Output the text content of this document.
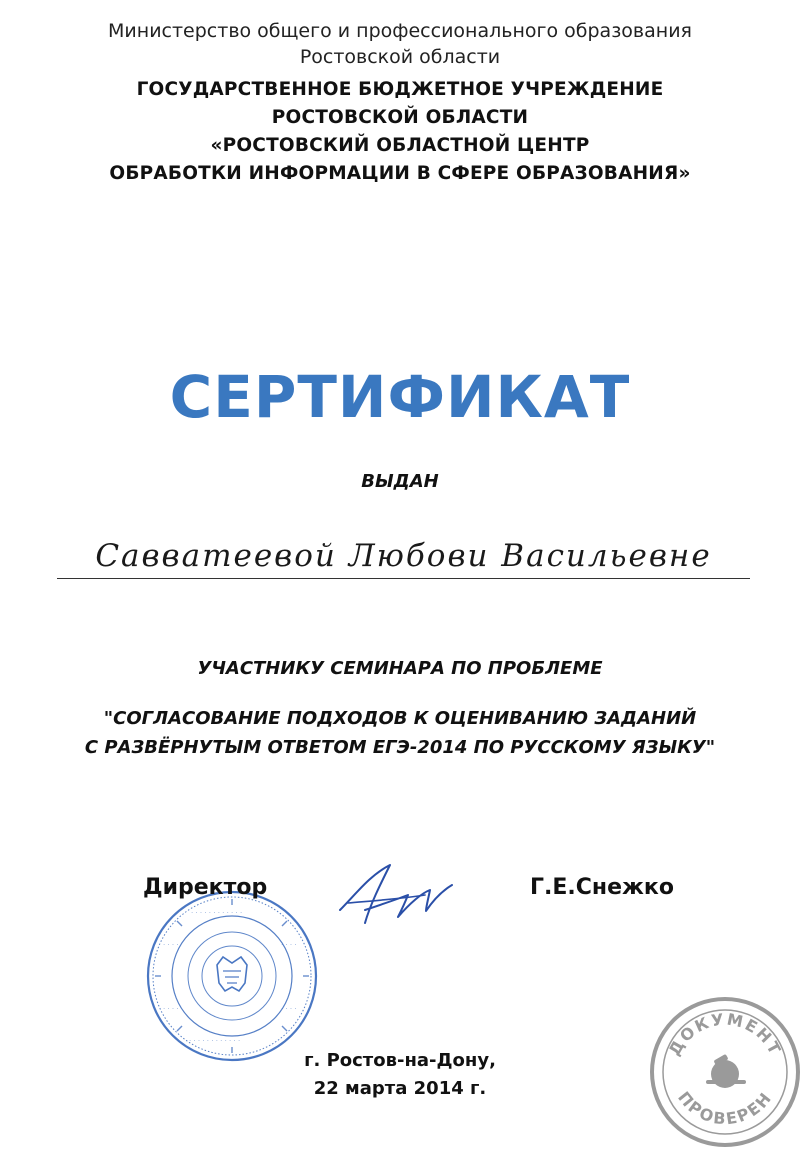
Министерство общего и профессионального образования
Ростовской области
ГОСУДАРСТВЕННОЕ БЮДЖЕТНОЕ УЧРЕЖДЕНИЕ
РОСТОВСКОЙ ОБЛАСТИ
«РОСТОВСКИЙ ОБЛАСТНОЙ ЦЕНТР
ОБРАБОТКИ ИНФОРМАЦИИ В СФЕРЕ ОБРАЗОВАНИЯ»
СЕРТИФИКАТ
ВЫДАН
Савватеевой Любови Васильевне
УЧАСТНИКУ СЕМИНАРА ПО ПРОБЛЕМЕ
"СОГЛАСОВАНИЕ ПОДХОДОВ К ОЦЕНИВАНИЮ ЗАДАНИЙ
С РАЗВЁРНУТЫМ ОТВЕТОМ ЕГЭ-2014 ПО РУССКОМУ ЯЗЫКУ"
· · · · · · · · · · · ·
· · · · · · · · · · · ·
· · · ·	· · · ·
· · · ·	· · · ·
Директор	Г.Е.Снежко
г. Ростов-на-Дону,
22 марта 2014 г.
ДОКУМЕНТ
ПРОВЕРЕН
